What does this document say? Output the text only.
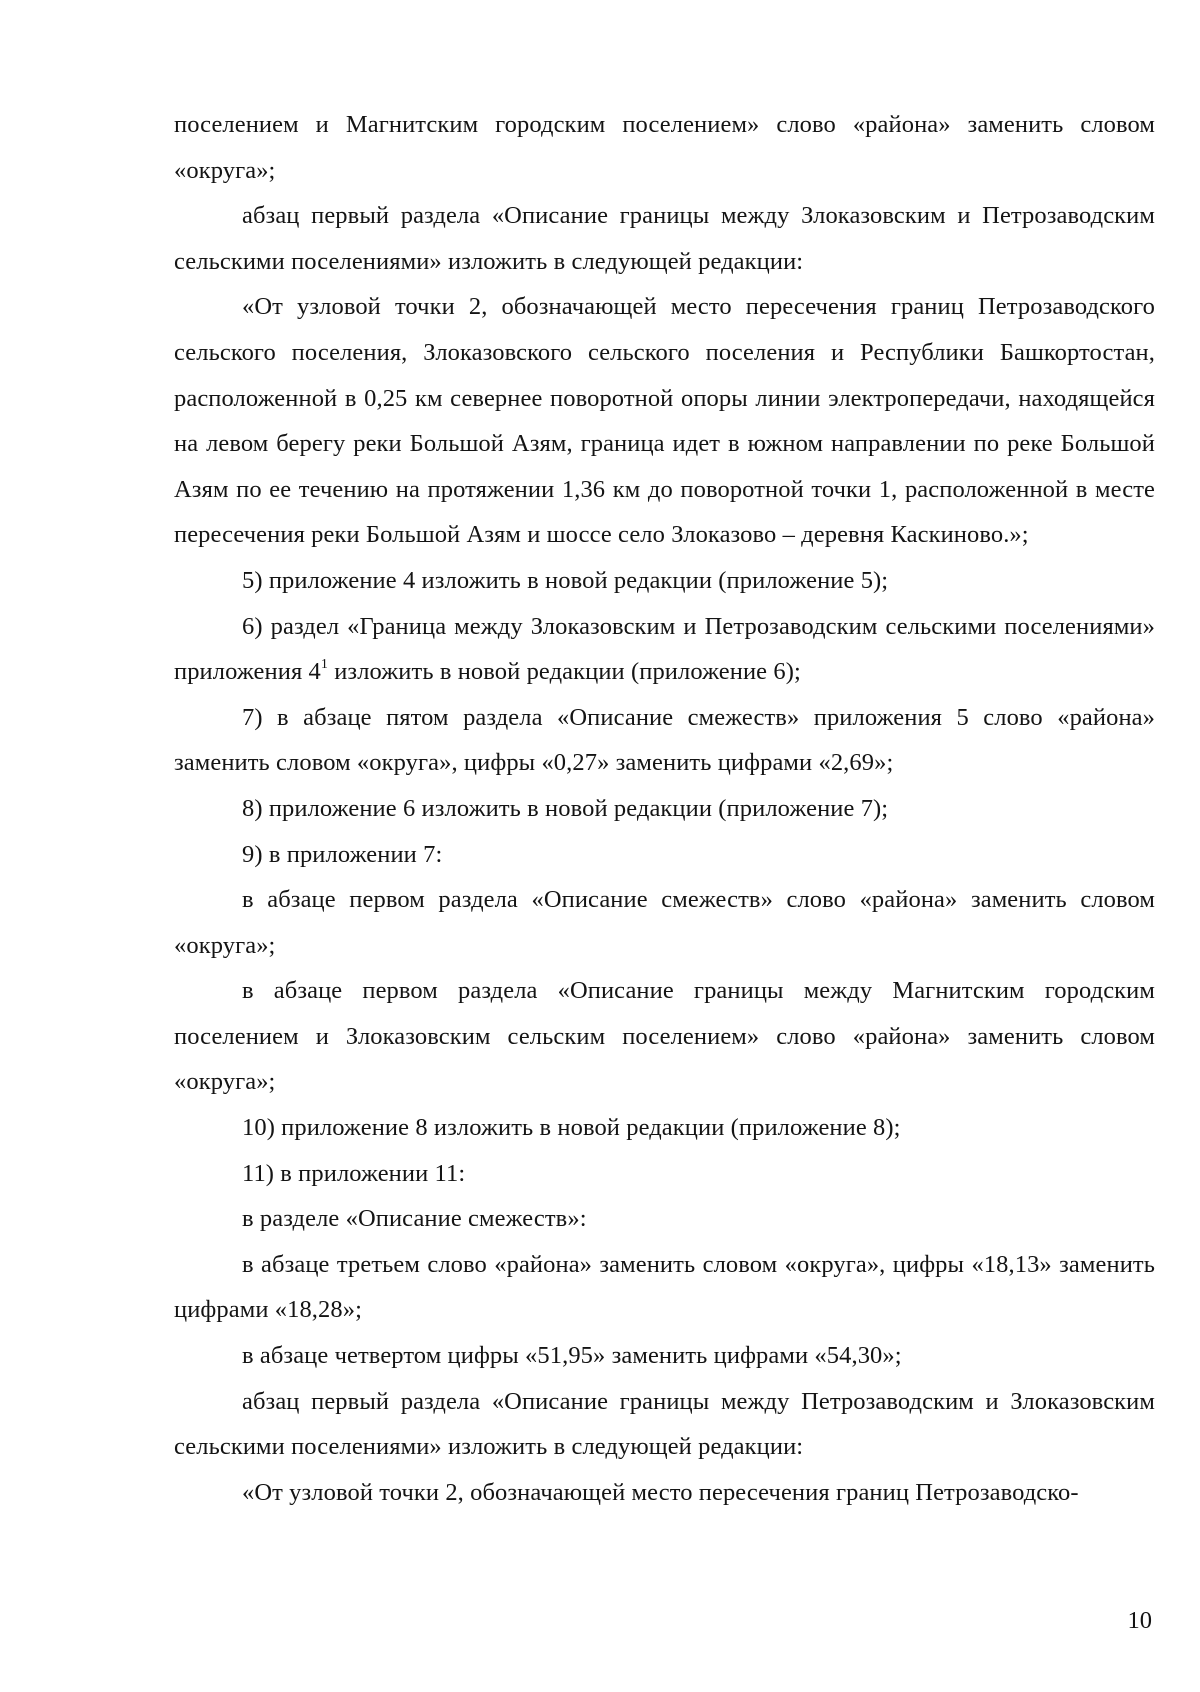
поселением и Магнитским городским поселением» слово «района» заменить словом «округа»;

абзац первый раздела «Описание границы между Злоказовским и Петрозаводским сельскими поселениями» изложить в следующей редакции:

«От узловой точки 2, обозначающей место пересечения границ Петрозаводского сельского поселения, Злоказовского сельского поселения и Республики Башкортостан, расположенной в 0,25 км севернее поворотной опоры линии электропередачи, находящейся на левом берегу реки Большой Азям, граница идет в южном направлении по реке Большой Азям по ее течению на протяжении 1,36 км до поворотной точки 1, расположенной в месте пересечения реки Большой Азям и шоссе село Злоказово – деревня Каскиново.»;

5) приложение 4 изложить в новой редакции (приложение 5);

6) раздел «Граница между Злоказовским и Петрозаводским сельскими поселениями» приложения $4^1$ изложить в новой редакции (приложение 6);

7) в абзаце пятом раздела «Описание смежеств» приложения 5 слово «района» заменить словом «округа», цифры «0,27» заменить цифрами «2,69»;

8) приложение 6 изложить в новой редакции (приложение 7);

9) в приложении 7:

в абзаце первом раздела «Описание смежеств» слово «района» заменить словом «округа»;

в абзаце первом раздела «Описание границы между Магнитским городским поселением и Злоказовским сельским поселением» слово «района» заменить словом «округа»;

10) приложение 8 изложить в новой редакции (приложение 8);

11) в приложении 11:

в разделе «Описание смежеств»:

в абзаце третьем слово «района» заменить словом «округа», цифры «18,13» заменить цифрами «18,28»;

в абзаце четвертом цифры «51,95» заменить цифрами «54,30»;

абзац первый раздела «Описание границы между Петрозаводским и Злоказовским сельскими поселениями» изложить в следующей редакции:

«От узловой точки 2, обозначающей место пересечения границ Петрозаводско-

10
